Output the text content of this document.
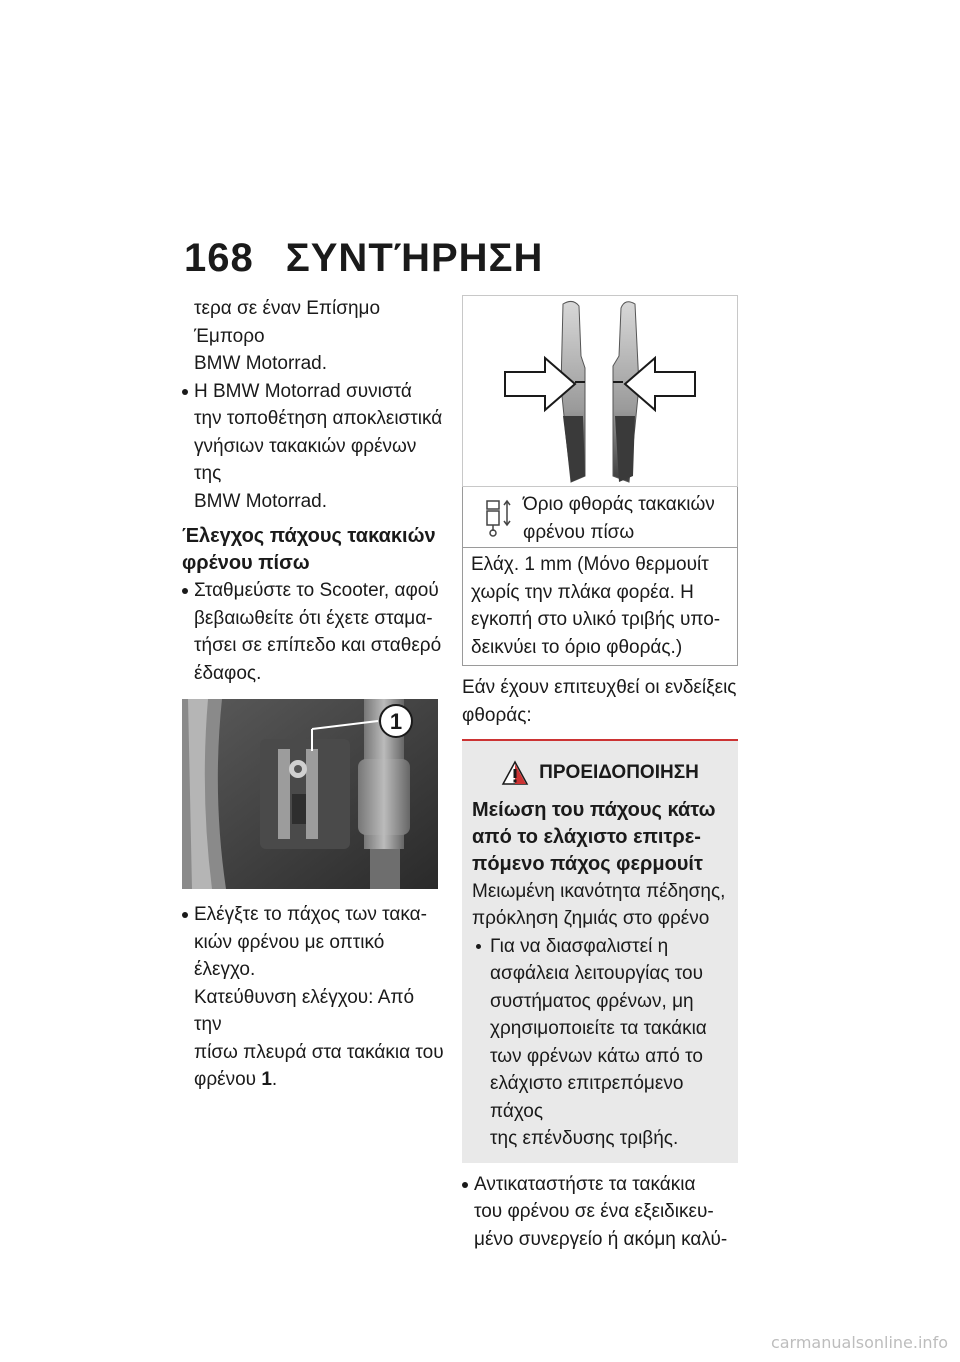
168 ΣΥΝΤΉΡΗΣΗ

τερα σε έναν Επίσημο Έμπορο

BMW Motorrad.

Η BMW Motorrad συνιστά

την τοποθέτηση αποκλειστικά

γνήσιων τακακιών φρένων της

BMW Motorrad.

Έλεγχος πάχους τακακιών
φρένου πίσω

Σταθμεύστε το Scooter, αφού

βεβαιωθείτε ότι έχετε σταμα-

τήσει σε επίπεδο και σταθερό

έδαφος.

1

Ελέγξτε το πάχος των τακα-

κιών φρένου με οπτικό έλεγχο.

Κατεύθυνση ελέγχου: Από την

πίσω πλευρά στα τακάκια του

φρένου 1.

Όριο φθοράς τακακιών

φρένου πίσω

Ελάχ. 1 mm (Μόνο θερμουίτ

χωρίς την πλάκα φορέα. Η

εγκοπή στο υλικό τριβής υπο-

δεικνύει το όριο φθοράς.)

Εάν έχουν επιτευχθεί οι ενδείξεις

φθοράς:

ΠΡΟΕΙΔΟΠΟΙΗΣΗ

Μείωση του πάχους κάτω

από το ελάχιστο επιτρε-

πόμενο πάχος φερμουίτ

Μειωμένη ικανότητα πέδησης,

πρόκληση ζημιάς στο φρένο

Για να διασφαλιστεί η

ασφάλεια λειτουργίας του

συστήματος φρένων, μη

χρησιμοποιείτε τα τακάκια

των φρένων κάτω από το

ελάχιστο επιτρεπόμενο πάχος

της επένδυσης τριβής.

Αντικαταστήστε τα τακάκια

του φρένου σε ένα εξειδικευ-

μένο συνεργείο ή ακόμη καλύ-

carmanualsonline.info
